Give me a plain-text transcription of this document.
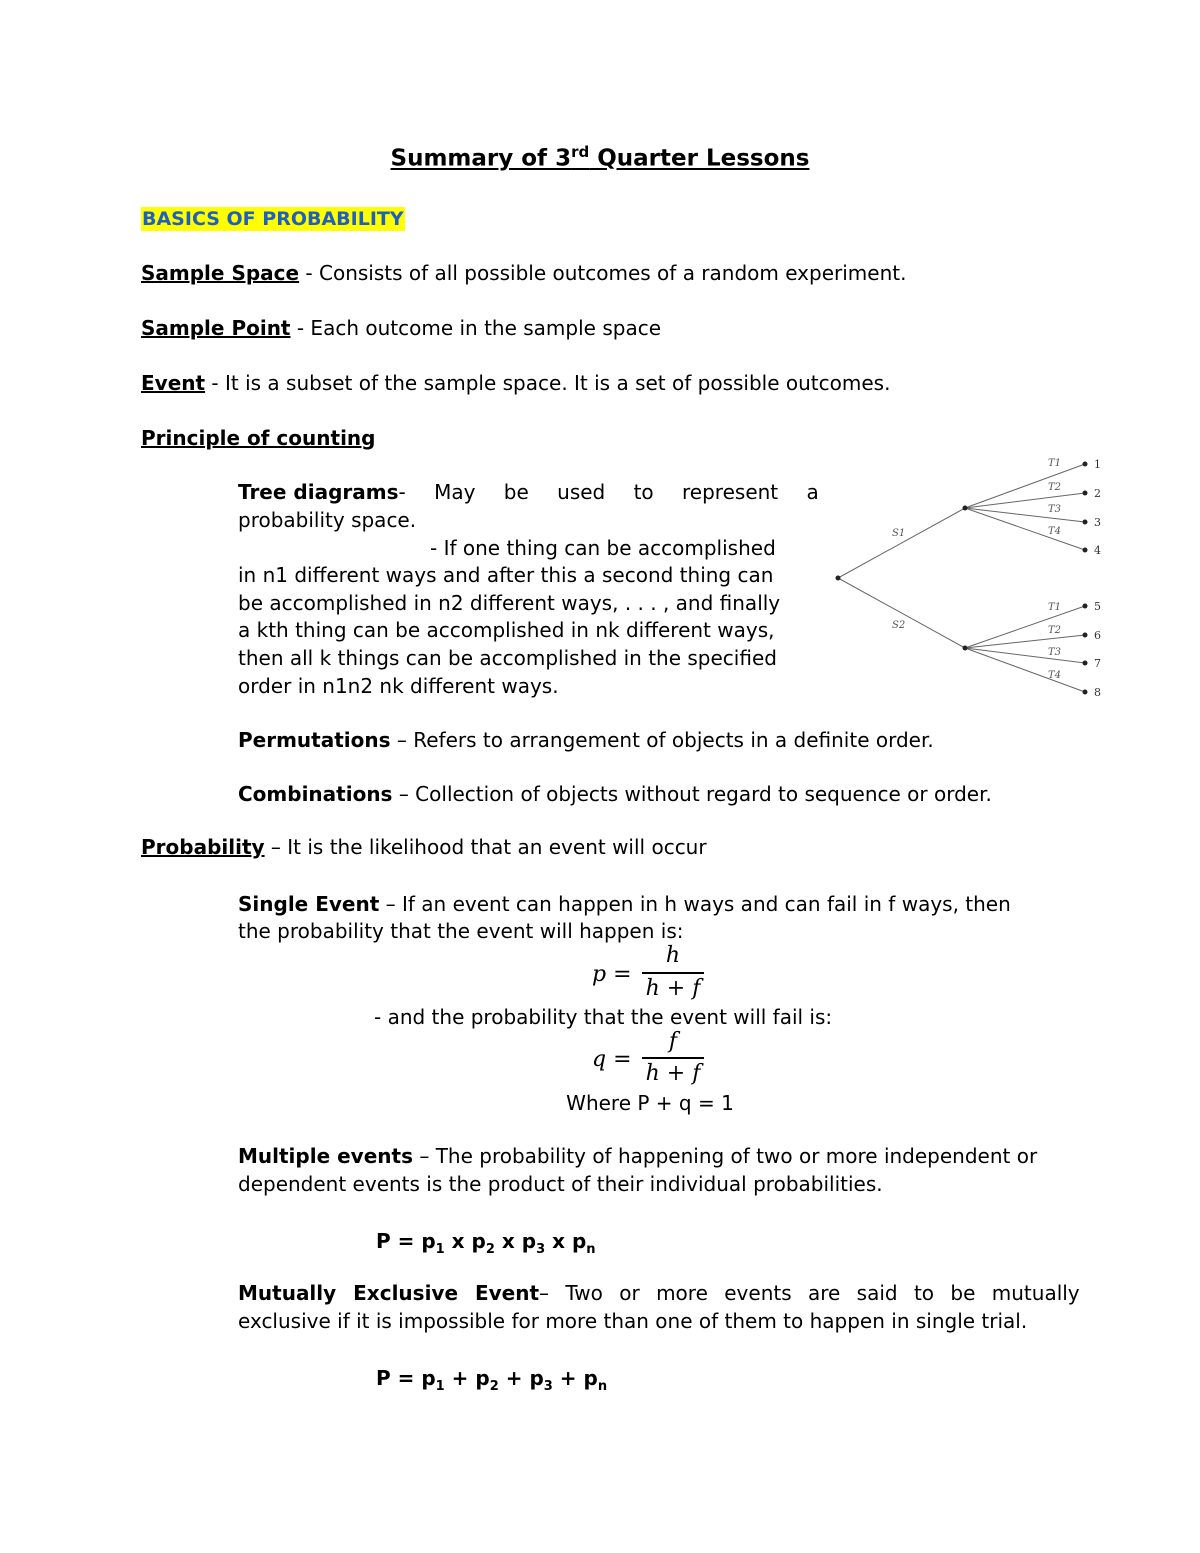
Summary of 3rd Quarter Lessons
BASICS OF PROBABILITY
Sample Space - Consists of all possible outcomes of a random experiment.
Sample Point - Each outcome in the sample space
Event - It is a subset of the sample space. It is a set of possible outcomes.
Principle of counting
Tree diagrams - May be used to represent a
probability space.
- If one thing can be accomplished
in n1 different ways and after this a second thing can
be accomplished in n2 different ways, . . . , and finally
a kth thing can be accomplished in nk different ways,
then all k things can be accomplished in the specified
order in n1n2 nk different ways.
S1
S2
T1
T2
T3
T4
T1
T2
T3
T4
1
2
3
4
5
6
7
8
Permutations – Refers to arrangement of objects in a definite order.
Combinations – Collection of objects without regard to sequence or order.
Probability – It is the likelihood that an event will occur
Single Event – If an event can happen in h ways and can fail in f ways, then
the probability that the event will happen is:
p =
h
h + f
- and the probability that the event will fail is:
q =
f
h + f
Where P + q = 1
Multiple events – The probability of happening of two or more independent or
dependent events is the product of their individual probabilities.
$P = p_1$ x $p_2$ x $p_3$ x $p_n$
Mutually Exclusive Event – Two or more events are said to be mutually
exclusive if it is impossible for more than one of them to happen in single trial.
$P = p_1 + p_2 + p_3 + p_n$
